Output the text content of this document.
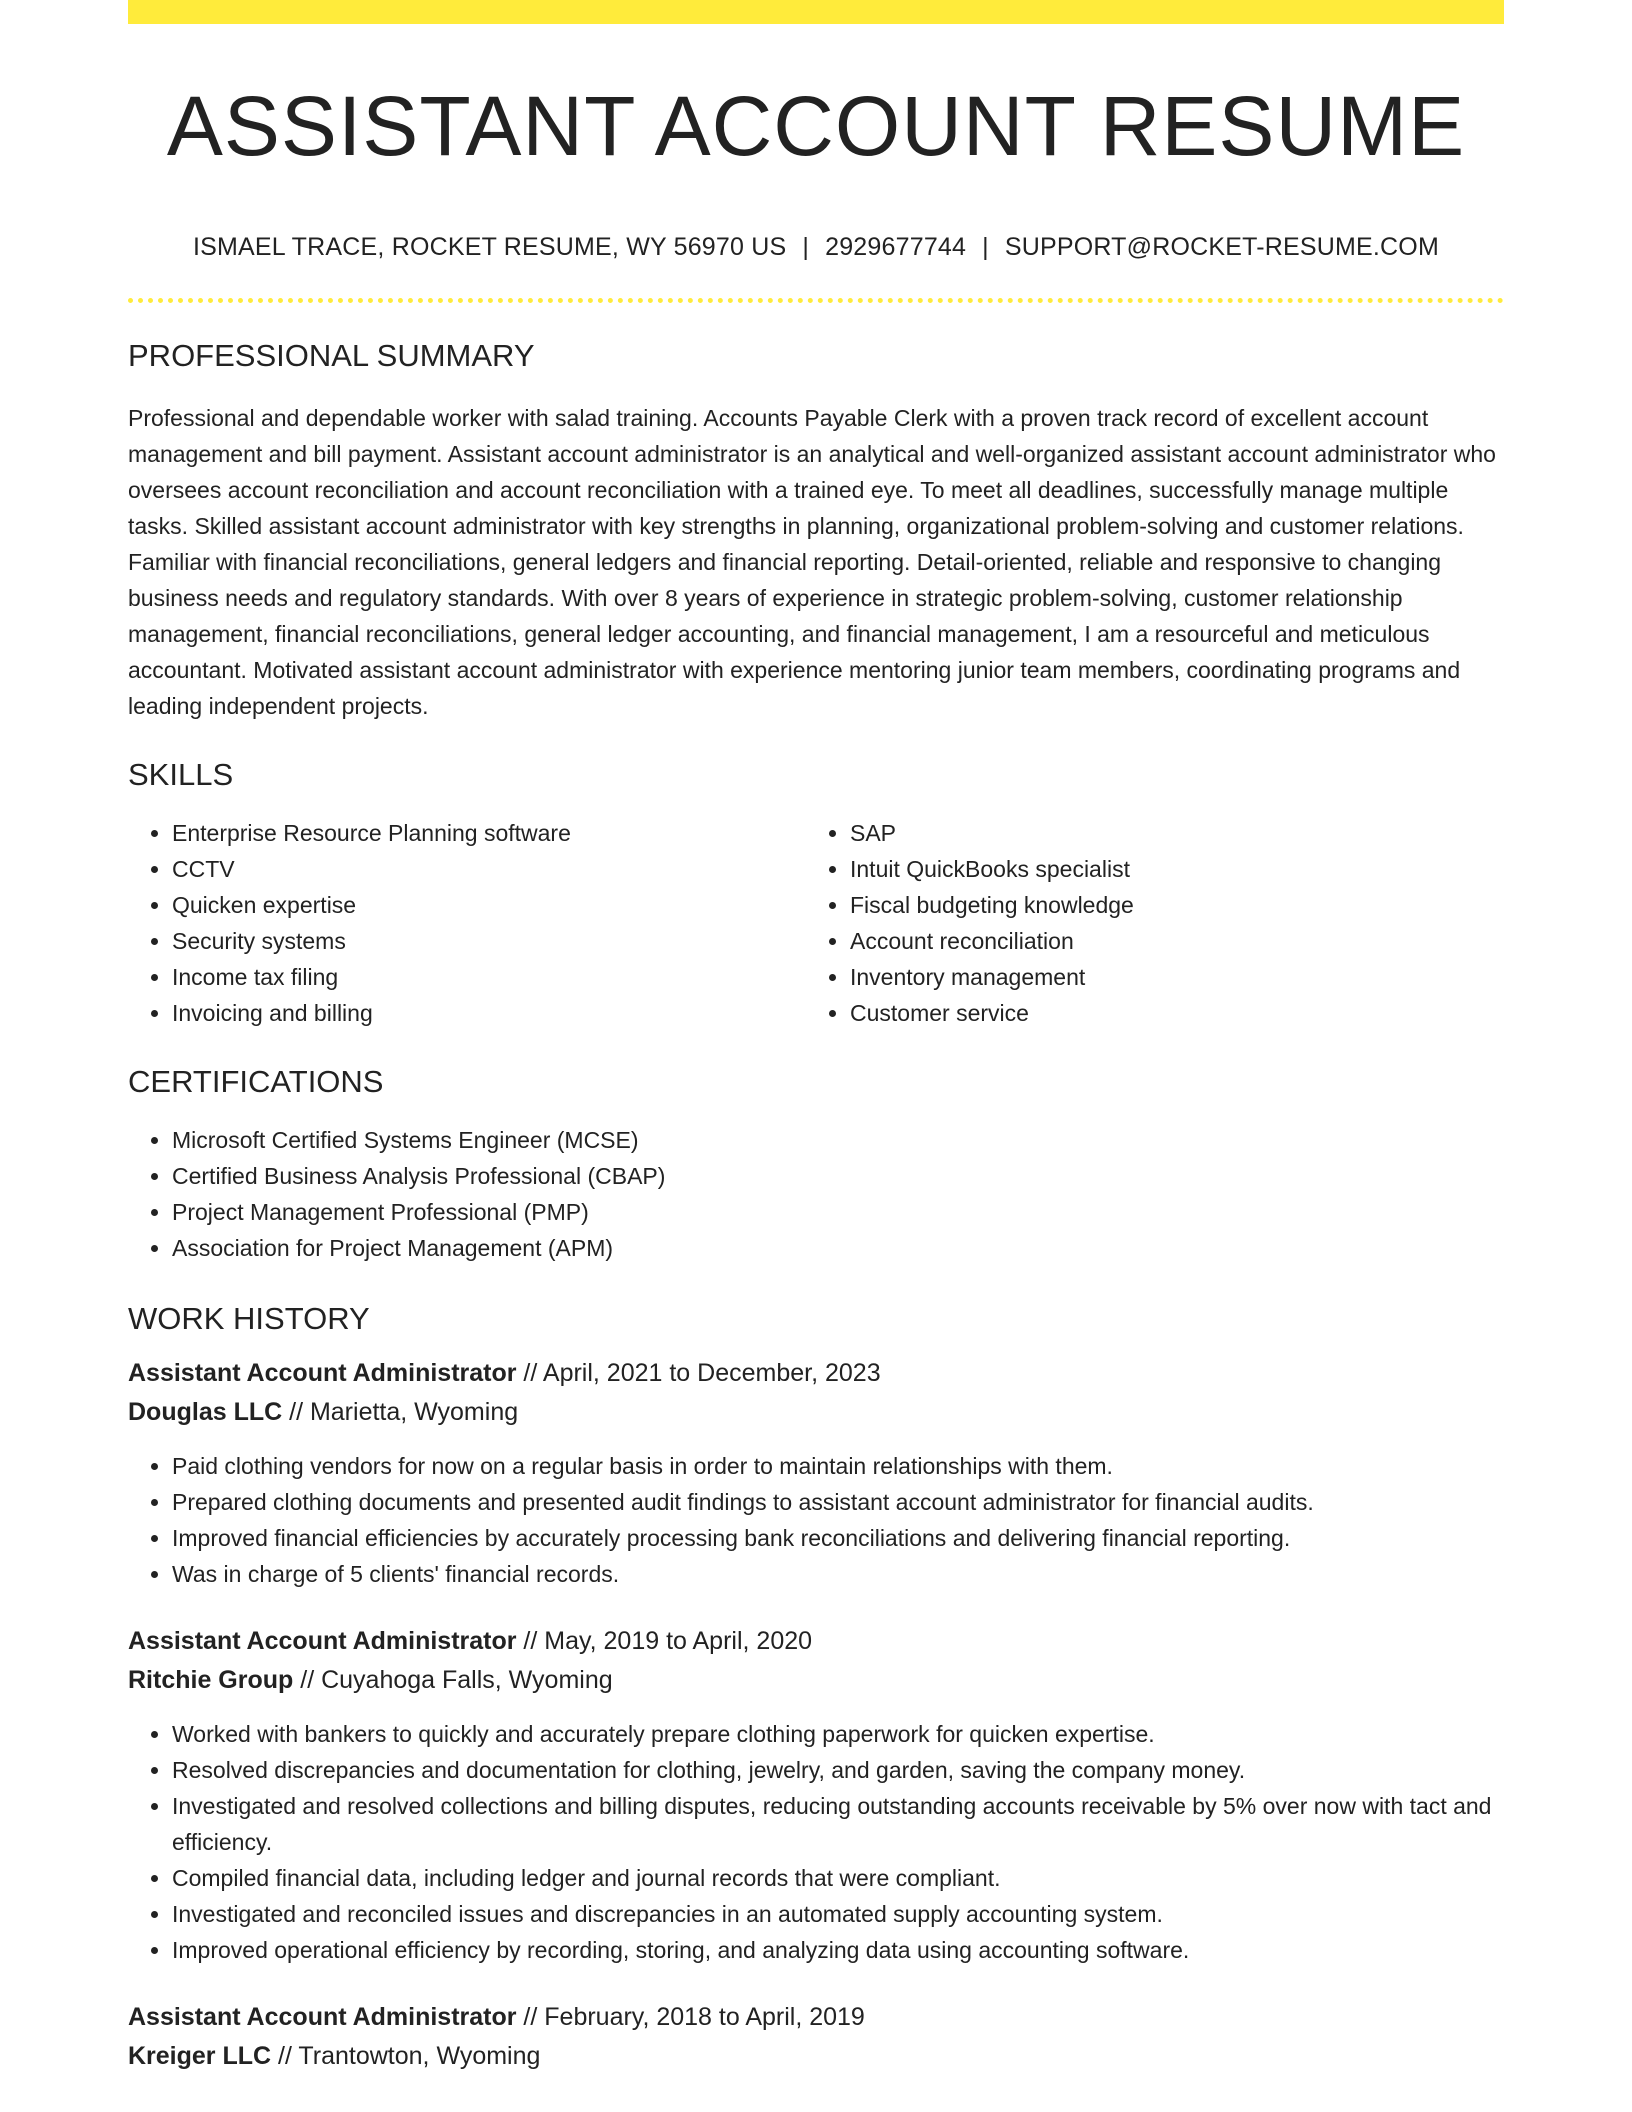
ASSISTANT ACCOUNT RESUME
ISMAEL TRACE, ROCKET RESUME, WY 56970 US | 2929677744 | SUPPORT@ROCKET-RESUME.COM
PROFESSIONAL SUMMARY
Professional and dependable worker with salad training. Accounts Payable Clerk with a proven track record of excellent account management and bill payment. Assistant account administrator is an analytical and well-organized assistant account administrator who oversees account reconciliation and account reconciliation with a trained eye. To meet all deadlines, successfully manage multiple tasks. Skilled assistant account administrator with key strengths in planning, organizational problem-solving and customer relations. Familiar with financial reconciliations, general ledgers and financial reporting. Detail-oriented, reliable and responsive to changing business needs and regulatory standards. With over 8 years of experience in strategic problem-solving, customer relationship management, financial reconciliations, general ledger accounting, and financial management, I am a resourceful and meticulous accountant. Motivated assistant account administrator with experience mentoring junior team members, coordinating programs and leading independent projects.
SKILLS
• Enterprise Resource Planning software
• CCTV
• Quicken expertise
• Security systems
• Income tax filing
• Invoicing and billing
• SAP
• Intuit QuickBooks specialist
• Fiscal budgeting knowledge
• Account reconciliation
• Inventory management
• Customer service
CERTIFICATIONS
• Microsoft Certified Systems Engineer (MCSE)
• Certified Business Analysis Professional (CBAP)
• Project Management Professional (PMP)
• Association for Project Management (APM)
WORK HISTORY
Assistant Account Administrator // April, 2021 to December, 2023
Douglas LLC // Marietta, Wyoming
• Paid clothing vendors for now on a regular basis in order to maintain relationships with them.
• Prepared clothing documents and presented audit findings to assistant account administrator for financial audits.
• Improved financial efficiencies by accurately processing bank reconciliations and delivering financial reporting.
• Was in charge of 5 clients' financial records.
Assistant Account Administrator // May, 2019 to April, 2020
Ritchie Group // Cuyahoga Falls, Wyoming
• Worked with bankers to quickly and accurately prepare clothing paperwork for quicken expertise.
• Resolved discrepancies and documentation for clothing, jewelry, and garden, saving the company money.
• Investigated and resolved collections and billing disputes, reducing outstanding accounts receivable by 5% over now with tact and efficiency.
• Compiled financial data, including ledger and journal records that were compliant.
• Investigated and reconciled issues and discrepancies in an automated supply accounting system.
• Improved operational efficiency by recording, storing, and analyzing data using accounting software.
Assistant Account Administrator // February, 2018 to April, 2019
Kreiger LLC // Trantowton, Wyoming
